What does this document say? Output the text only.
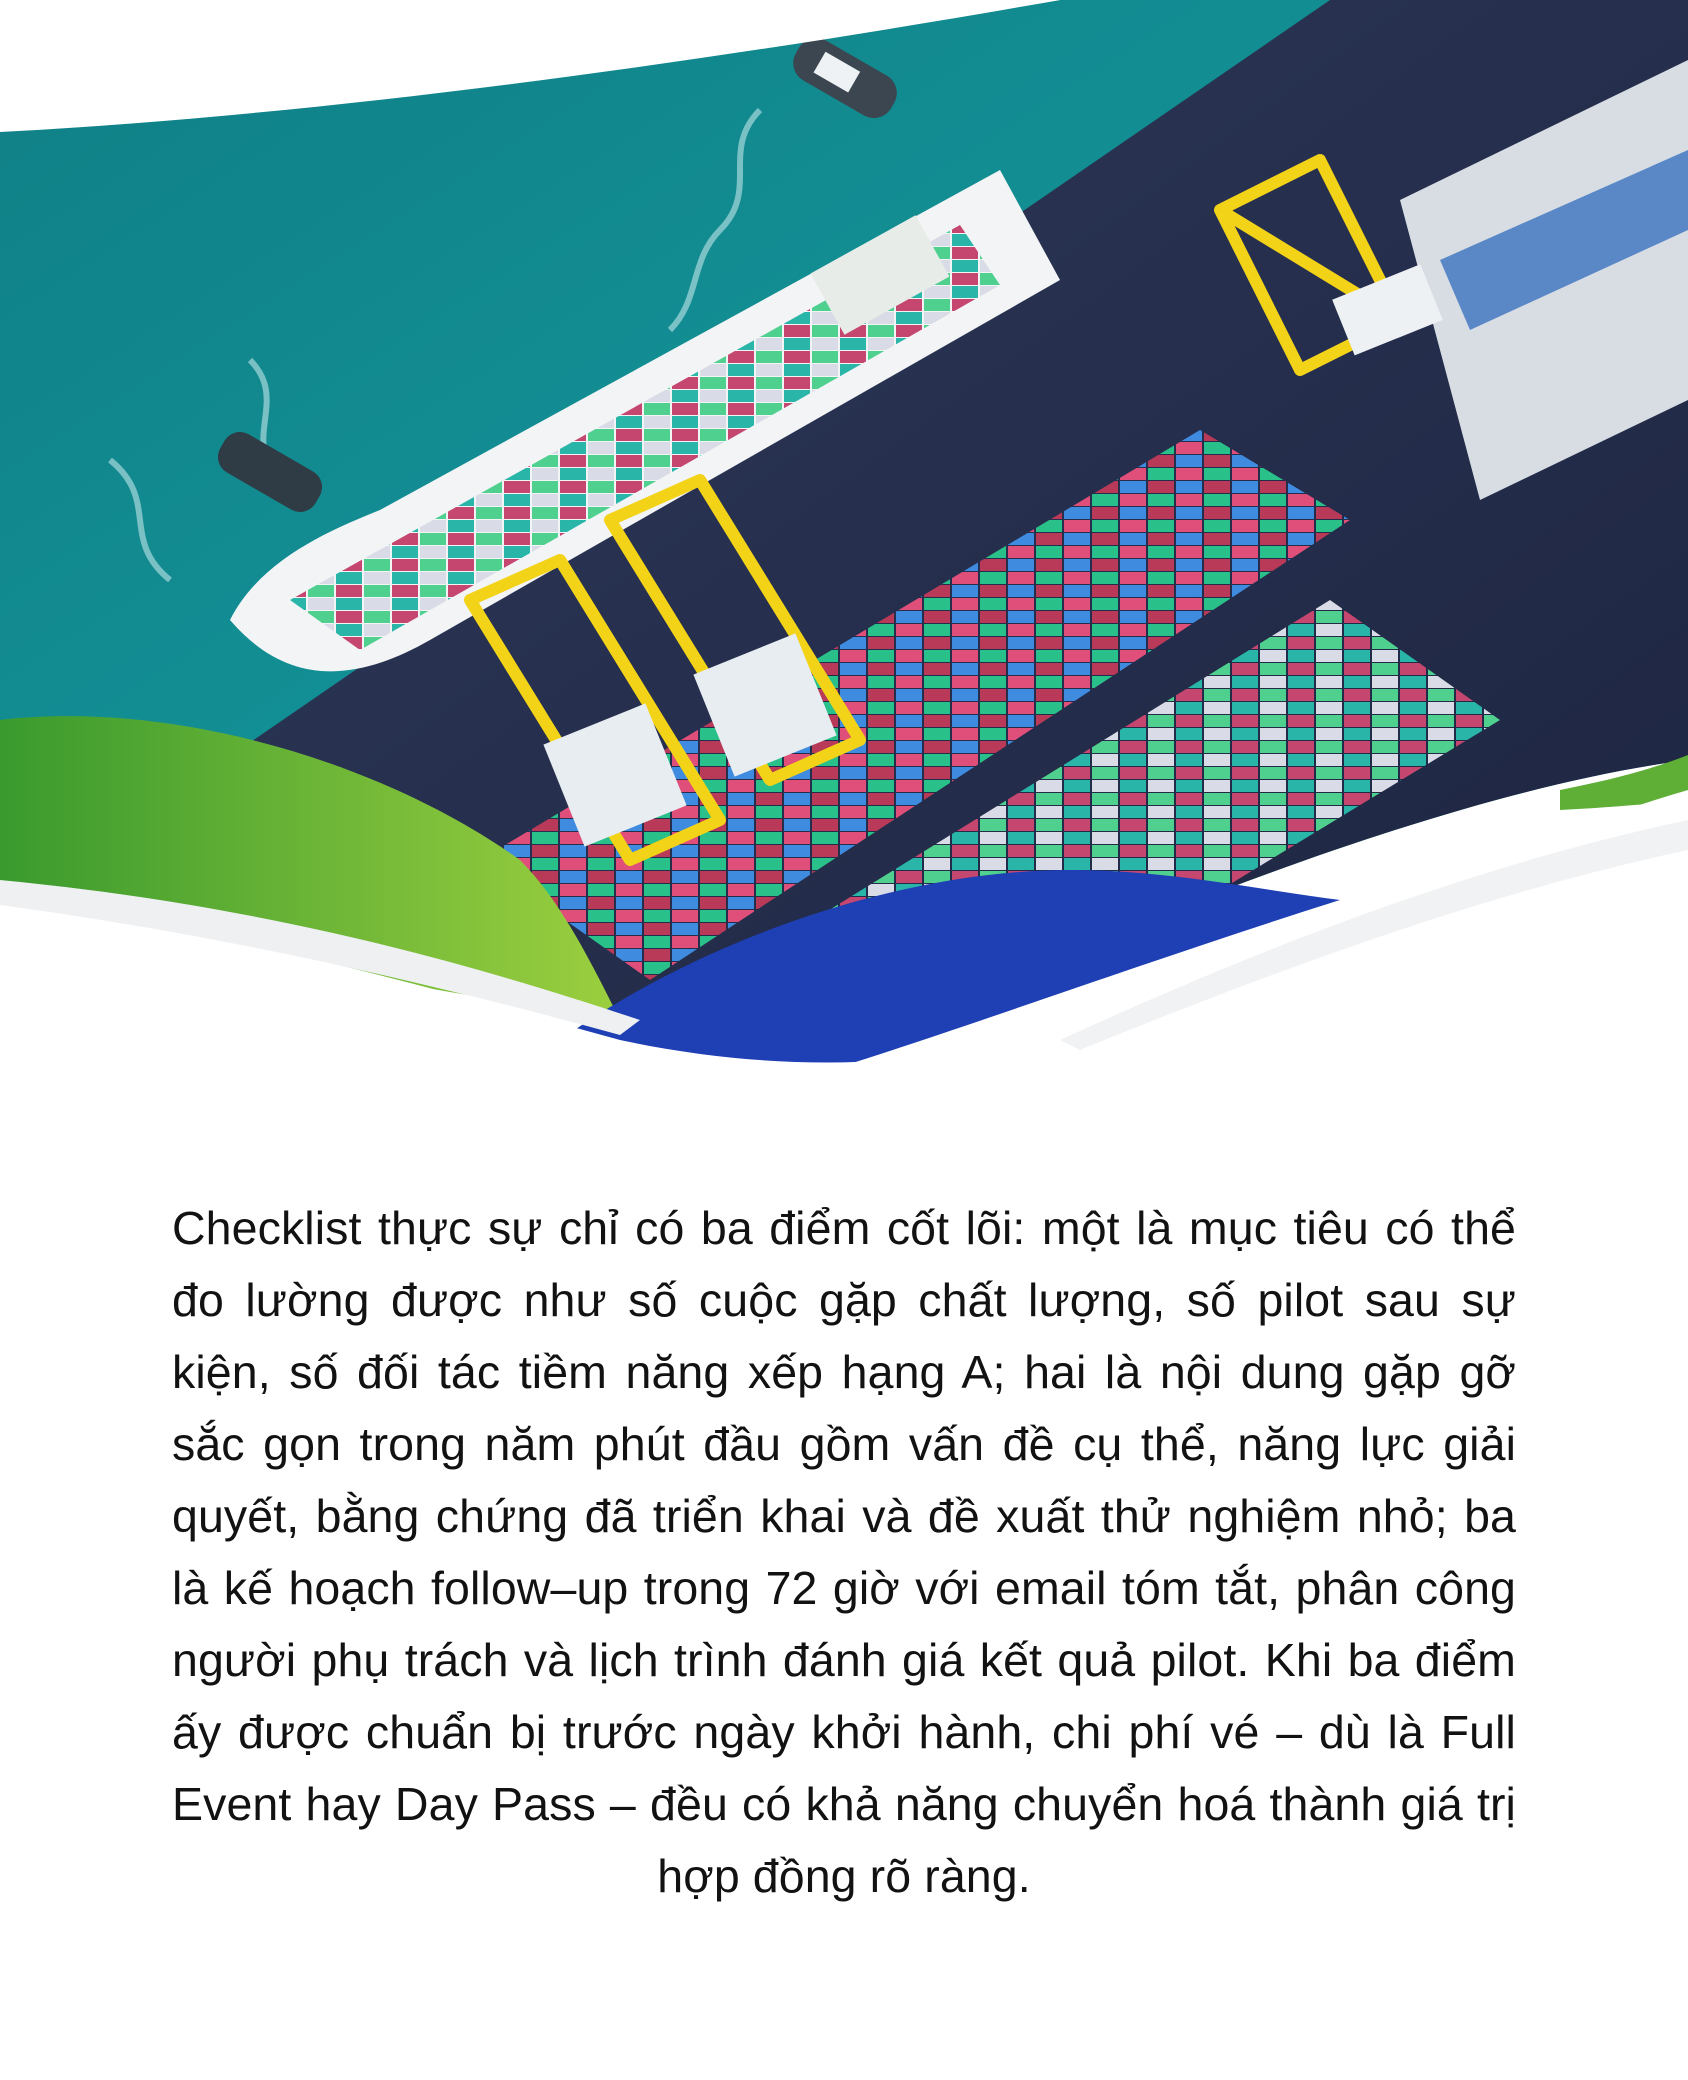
Checklist thực sự chỉ có ba điểm cốt lõi: một là mục tiêu có thể đo lường được như số cuộc gặp chất lượng, số pilot sau sự kiện, số đối tác tiềm năng xếp hạng A; hai là nội dung gặp gỡ sắc gọn trong năm phút đầu gồm vấn đề cụ thể, năng lực giải quyết, bằng chứng đã triển khai và đề xuất thử nghiệm nhỏ; ba là kế hoạch follow–up trong 72 giờ với email tóm tắt, phân công người phụ trách và lịch trình đánh giá kết quả pilot. Khi ba điểm ấy được chuẩn bị trước ngày khởi hành, chi phí vé – dù là Full Event hay Day Pass – đều có khả năng chuyển hoá thành giá trị hợp đồng rõ ràng.
